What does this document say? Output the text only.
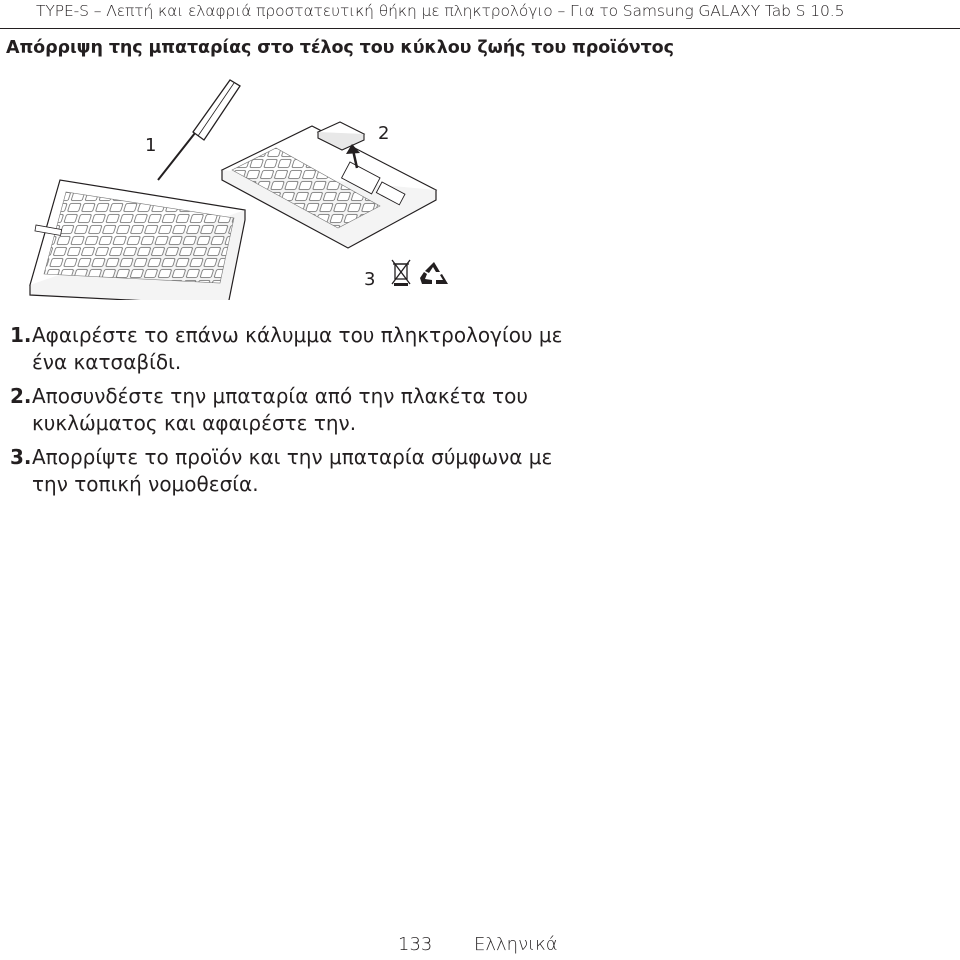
TYPE-S – Λεπτή και ελαφριά προστατευτική θήκη με πληκτρολόγιο – Για το Samsung GALAXY Tab S 10.5
Απόρριψη της μπαταρίας στο τέλος του κύκλου ζωής του προϊόντος
1
2
3
1. Αφαιρέστε το επάνω κάλυμμα του πληκτρολογίου με ένα κατσαβίδι.
2. Αποσυνδέστε την μπαταρία από την πλακέτα του κυκλώματος και αφαιρέστε την.
3. Απορρίψτε το προϊόν και την μπαταρία σύμφωνα με την τοπική νομοθεσία.
133 Ελληνικά
